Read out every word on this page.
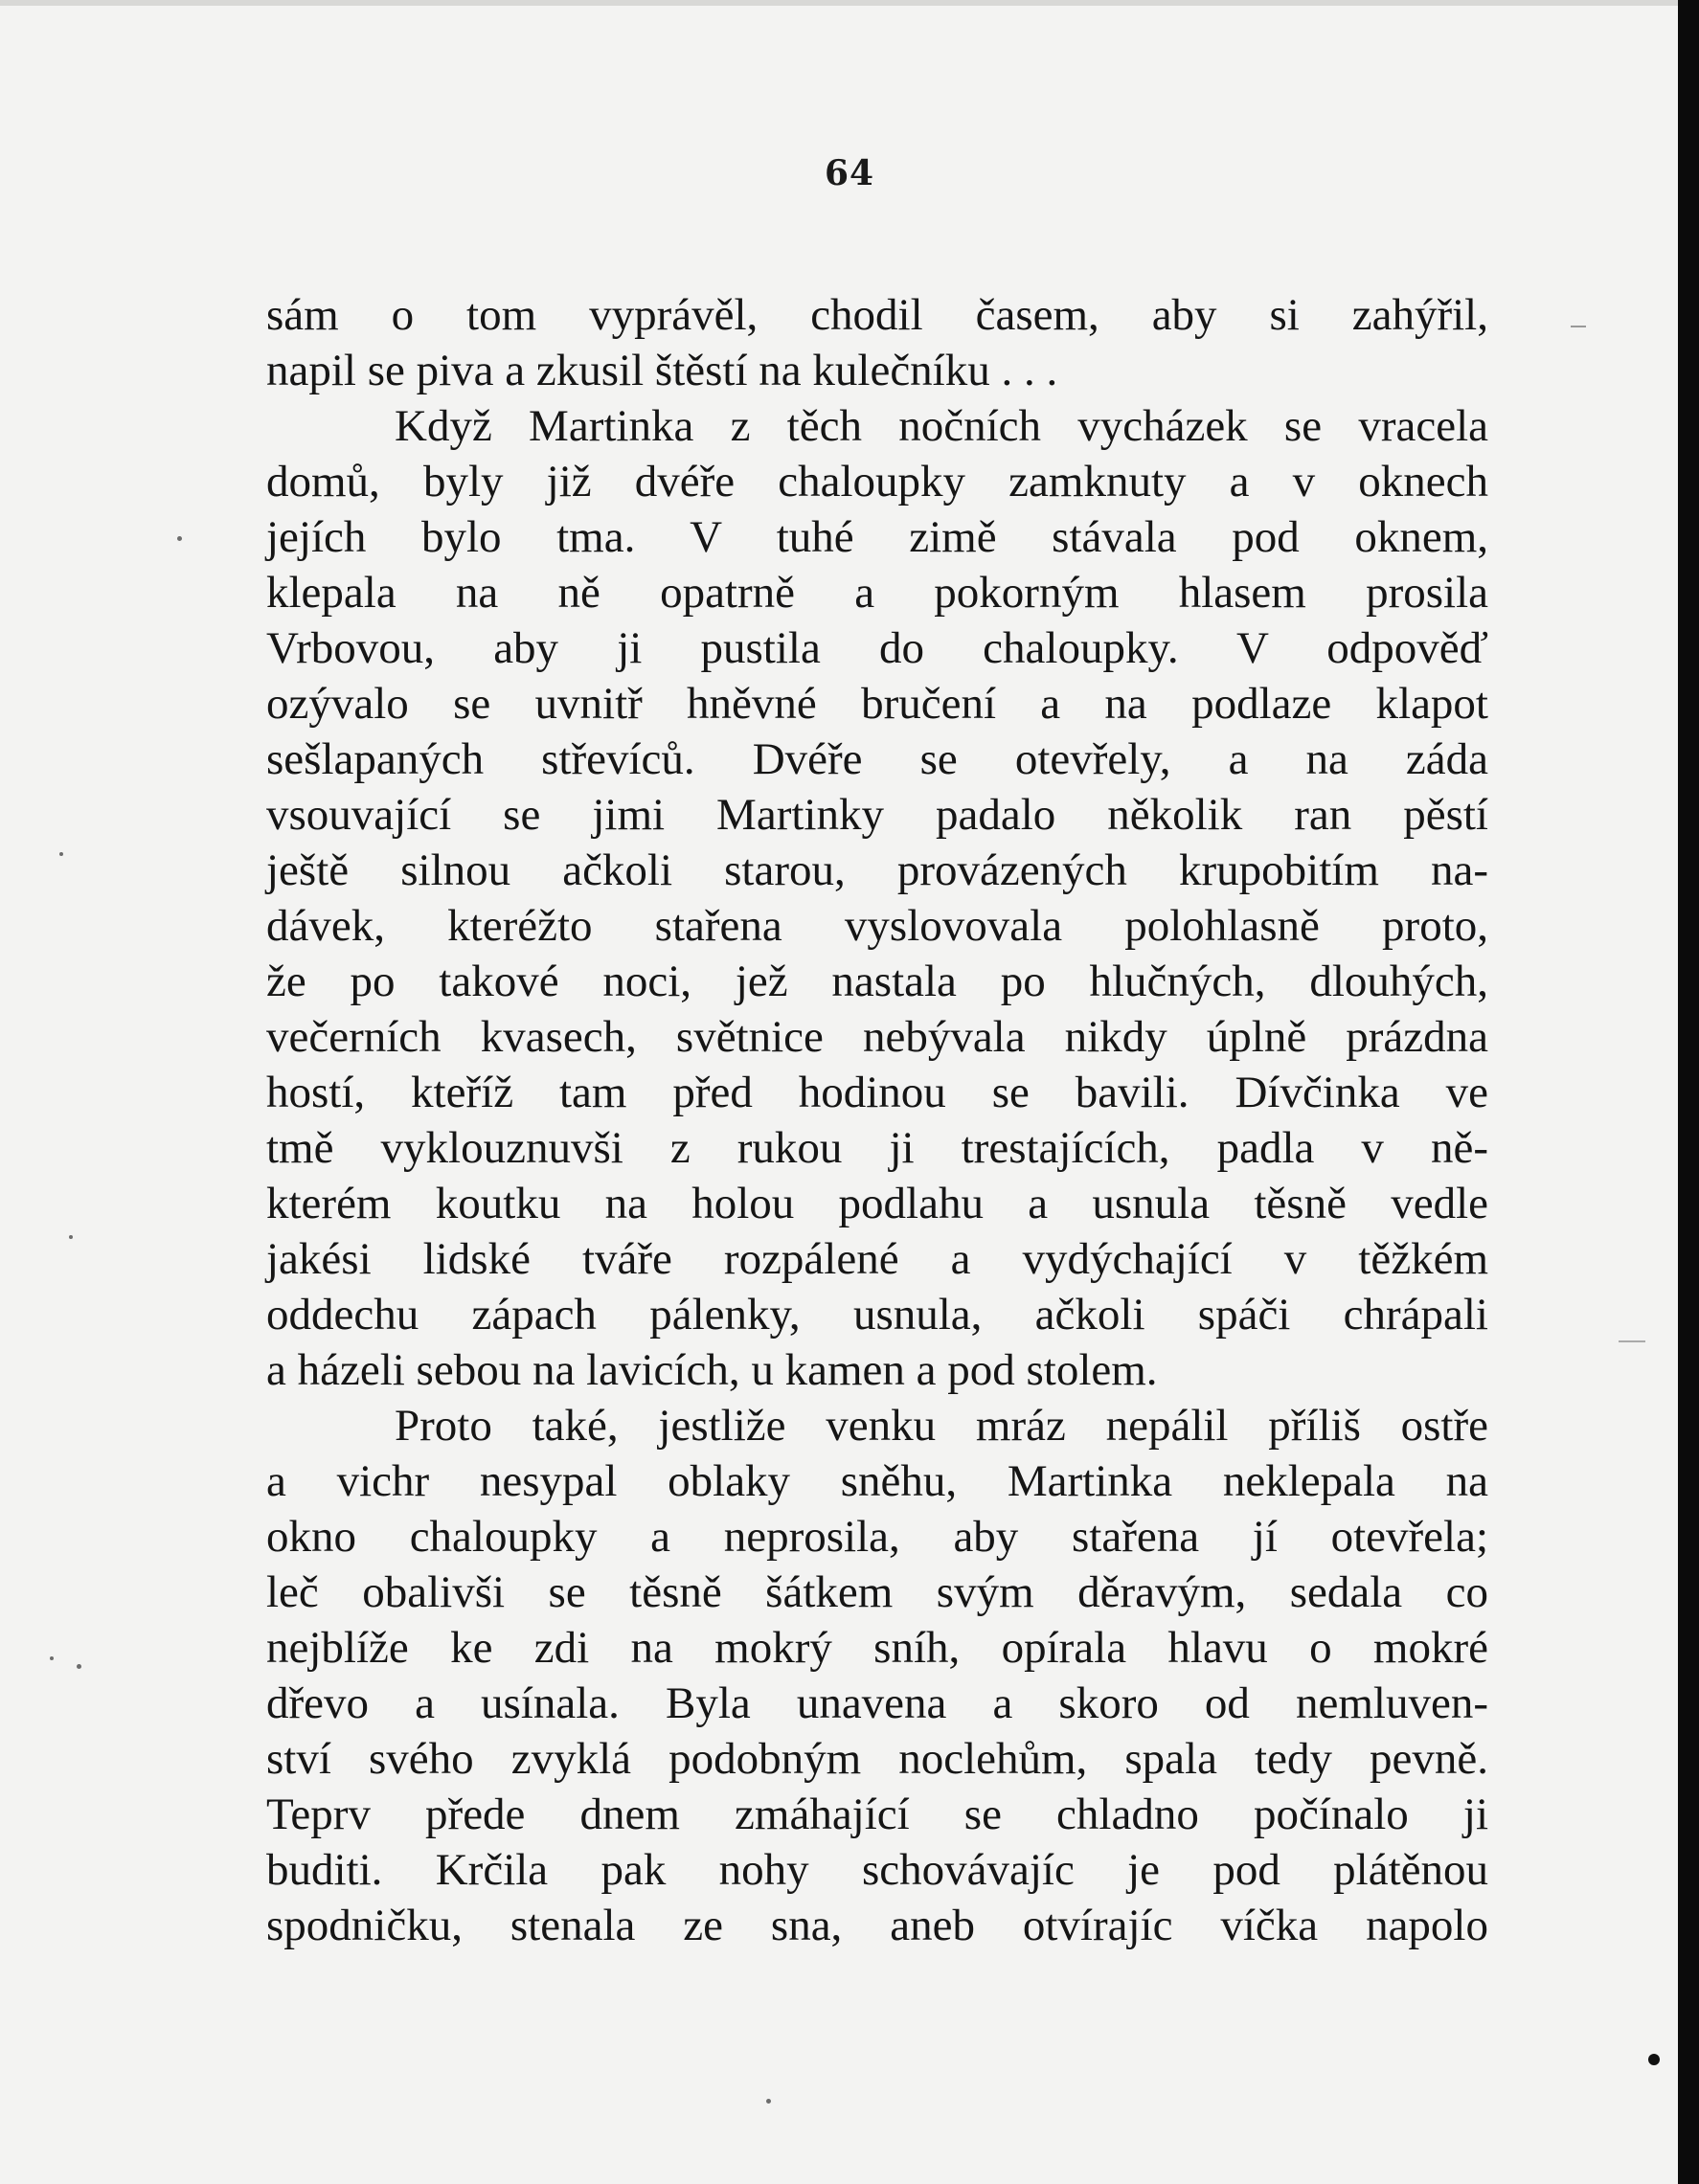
64
sám o tom vyprávěl, chodil časem, aby si zahýřil,
napil se piva a zkusil štěstí na kulečníku . . .
Když Martinka z těch nočních vycházek se vracela
domů, byly již dvéře chaloupky zamknuty a v oknech
jejích bylo tma. V tuhé zimě stávala pod oknem,
klepala na ně opatrně a pokorným hlasem prosila
Vrbovou, aby ji pustila do chaloupky. V odpověď
ozývalo se uvnitř hněvné bručení a na podlaze klapot
sešlapaných střevíců. Dvéře se otevřely, a na záda
vsouvající se jimi Martinky padalo několik ran pěstí
ještě silnou ačkoli starou, provázených krupobitím na-
dávek, kteréžto stařena vyslovovala polohlasně proto,
že po takové noci, jež nastala po hlučných, dlouhých,
večerních kvasech, světnice nebývala nikdy úplně prázdna
hostí, kteříž tam před hodinou se bavili. Dívčinka ve
tmě vyklouznuvši z rukou ji trestajících, padla v ně-
kterém koutku na holou podlahu a usnula těsně vedle
jakési lidské tváře rozpálené a vydýchající v těžkém
oddechu zápach pálenky, usnula, ačkoli spáči chrápali
a házeli sebou na lavicích, u kamen a pod stolem.
Proto také, jestliže venku mráz nepálil příliš ostře
a vichr nesypal oblaky sněhu, Martinka neklepala na
okno chaloupky a neprosila, aby stařena jí otevřela;
leč obalivši se těsně šátkem svým děravým, sedala co
nejblíže ke zdi na mokrý sníh, opírala hlavu o mokré
dřevo a usínala. Byla unavena a skoro od nemluven-
ství svého zvyklá podobným noclehům, spala tedy pevně.
Teprv přede dnem zmáhající se chladno počínalo ji
buditi. Krčila pak nohy schovávajíc je pod plátěnou
spodničku, stenala ze sna, aneb otvírajíc víčka napolo
